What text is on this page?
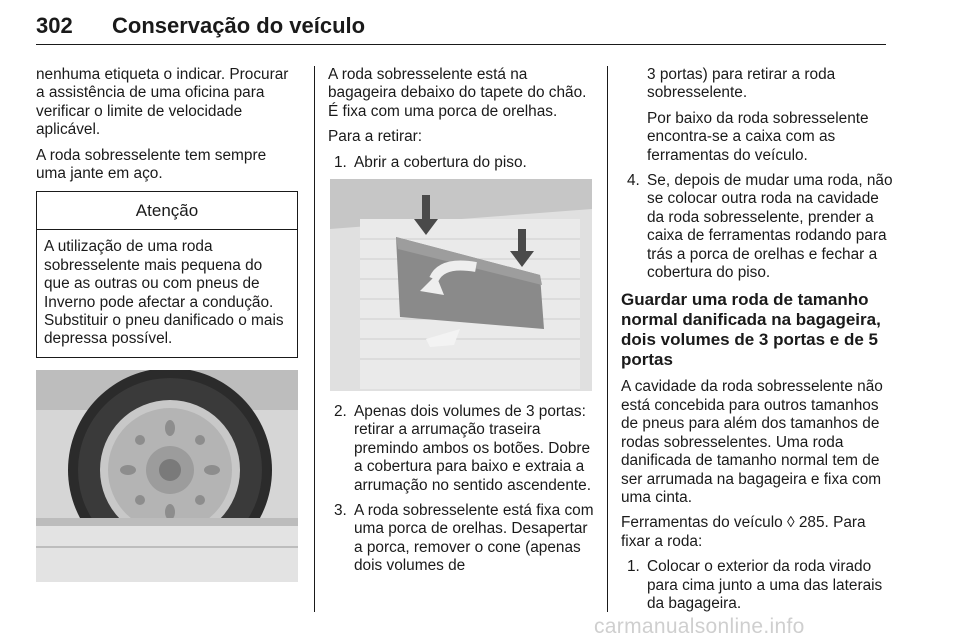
302 Conservação do veículo

nenhuma etiqueta o indicar. Procurar a assistência de uma oficina para verificar o limite de velocidade aplicável.

A roda sobresselente tem sempre uma jante em aço.

Atenção
A utilização de uma roda sobresselente mais pequena do que as outras ou com pneus de Inverno pode afectar a condução. Substituir o pneu danificado o mais depressa possível.

A roda sobresselente está na bagageira debaixo do tapete do chão. É fixa com uma porca de orelhas.

Para a retirar:

1. Abrir a cobertura do piso.
2. Apenas dois volumes de 3 portas: retirar a arrumação traseira premindo ambos os botões. Dobre a cobertura para baixo e extraia a arrumação no sentido ascendente.
3. A roda sobresselente está fixa com uma porca de orelhas. Desapertar a porca, remover o cone (apenas dois volumes de
3 portas) para retirar a roda sobresselente.
Por baixo da roda sobresselente encontra-se a caixa com as ferramentas do veículo.
4. Se, depois de mudar uma roda, não se colocar outra roda na cavidade da roda sobresselente, prender a caixa de ferramentas rodando para trás a porca de orelhas e fechar a cobertura do piso.
Guardar uma roda de tamanho normal danificada na bagageira, dois volumes de 3 portas e de 5 portas

A cavidade da roda sobresselente não está concebida para outros tamanhos de pneus para além dos tamanhos de rodas sobresselentes. Uma roda danificada de tamanho normal tem de ser arrumada na bagageira e fixa com uma cinta.

Ferramentas do veículo ◊ 285. Para fixar a roda:

1. Colocar o exterior da roda virado para cima junto a uma das laterais da bagageira.
carmanualsonline.info
